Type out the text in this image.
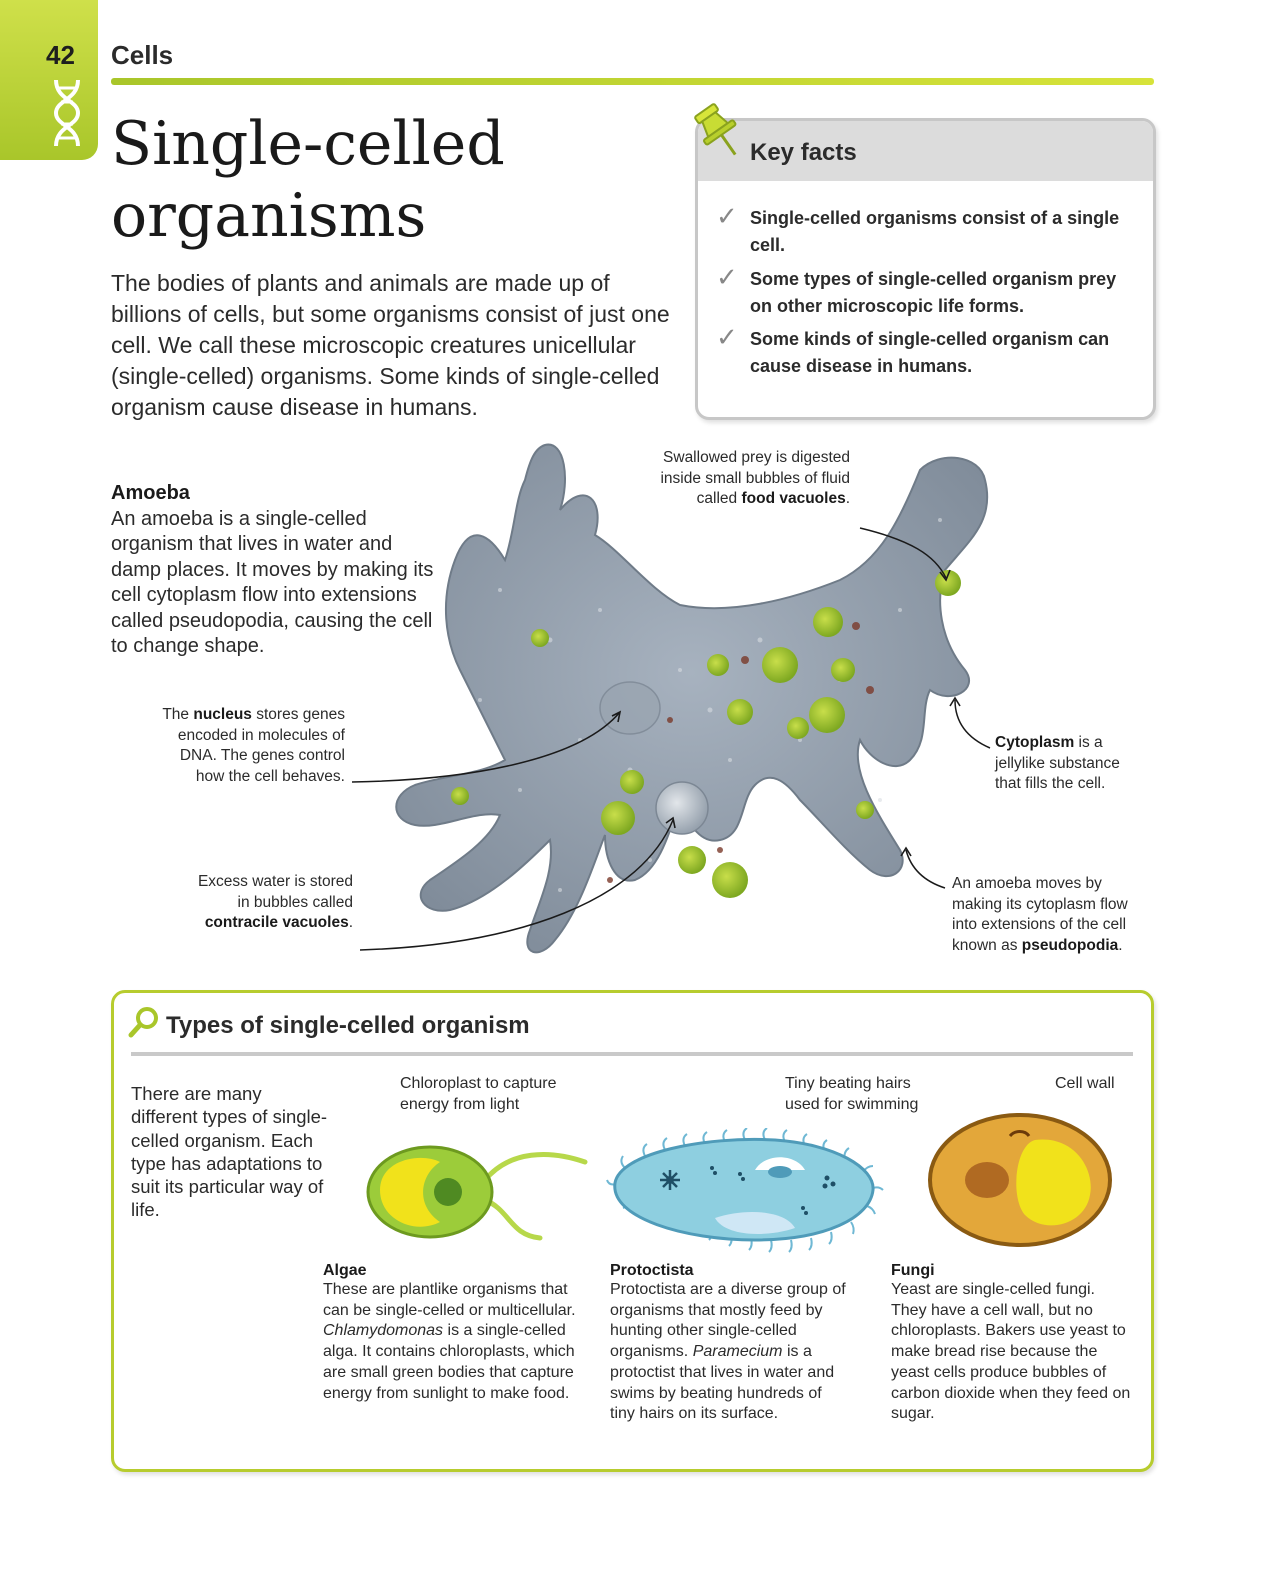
42 Cells
Single-celled
organisms
The bodies of plants and animals are made up of billions of cells, but some organisms consist of just one cell. We call these microscopic creatures unicellular (single-celled) organisms. Some kinds of single-celled organism cause disease in humans.
Key facts
✓ Single-celled organisms consist of a single cell.
✓ Some types of single-celled organism prey on other microscopic life forms.
✓ Some kinds of single-celled organism can cause disease in humans.
Amoeba
An amoeba is a single-celled organism that lives in water and damp places. It moves by making its cell cytoplasm flow into extensions called pseudopodia, causing the cell to change shape.
Swallowed prey is digested inside small bubbles of fluid called food vacuoles.
The nucleus stores genes encoded in molecules of DNA. The genes control how the cell behaves.
Cytoplasm is a jellylike substance that fills the cell.
Excess water is stored in bubbles called contracile vacuoles.
An amoeba moves by making its cytoplasm flow into extensions of the cell known as pseudopodia.
Types of single-celled organism
There are many different types of single-celled organism. Each type has adaptations to suit its particular way of life.
Chloroplast to capture energy from light
Tiny beating hairs used for swimming
Cell wall
Algae
These are plantlike organisms that can be single-celled or multicellular. Chlamydomonas is a single-celled alga. It contains chloroplasts, which are small green bodies that capture energy from sunlight to make food.
Protoctista
Protoctista are a diverse group of organisms that mostly feed by hunting other single-celled organisms. Paramecium is a protoctist that lives in water and swims by beating hundreds of tiny hairs on its surface.
Fungi
Yeast are single-celled fungi. They have a cell wall, but no chloroplasts. Bakers use yeast to make bread rise because the yeast cells produce bubbles of carbon dioxide when they feed on sugar.
